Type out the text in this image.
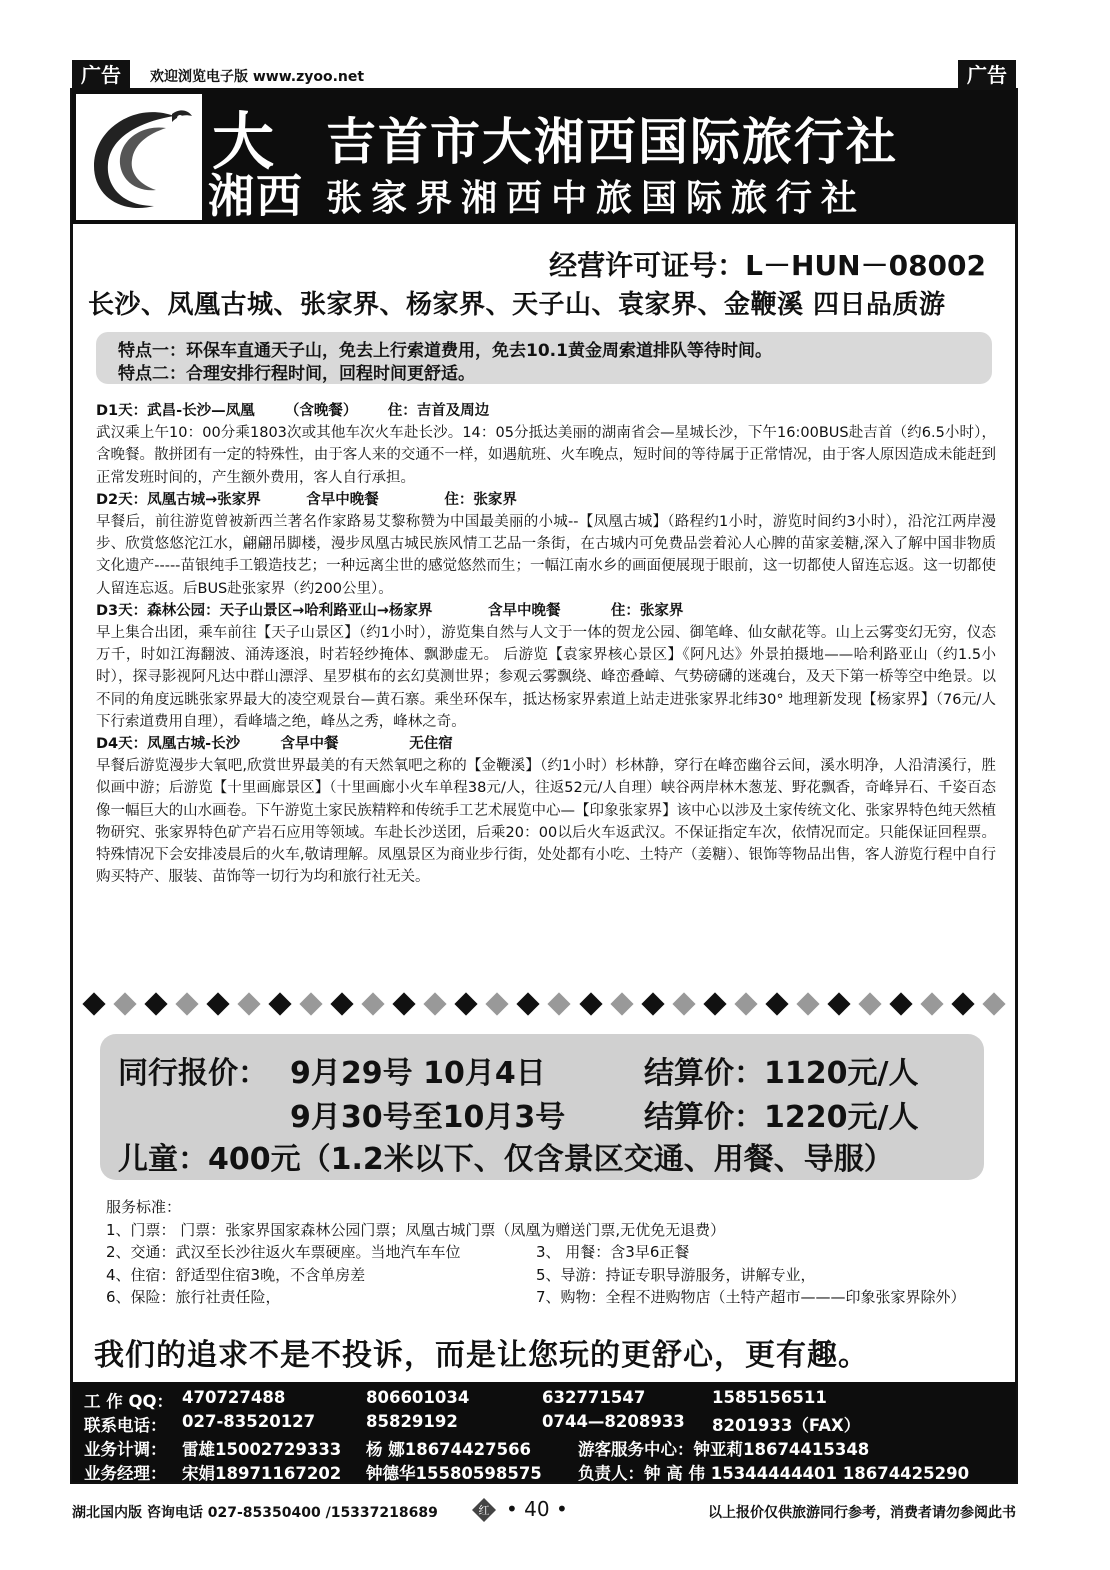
广告	欢迎浏览电子版 www.zyoo.net	广告
大
湘西
吉首市大湘西国际旅行社
张家界湘西中旅国际旅行社
经营许可证号：L－HUN－08002
长沙、凤凰古城、张家界、杨家界、天子山、袁家界、金鞭溪 四日品质游
特点一：环保车直通天子山，免去上行索道费用，免去10.1黄金周索道排队等待时间。
特点二：合理安排行程时间，回程时间更舒适。

D1天：武昌-长沙—凤凰      （含晚餐）      住：吉首及周边

武汉乘上午10：00分乘1803次或其他车次火车赴长沙。14：05分抵达美丽的湖南省会—星城长沙，下午16:00BUS赴吉首（约6.5小时），含晚餐。散拼团有一定的特殊性，由于客人来的交通不一样，如遇航班、火车晚点，短时间的等待属于正常情况，由于客人原因造成未能赶到正常发班时间的，产生额外费用，客人自行承担。

D2天：凤凰古城→张家界         含早中晚餐             住：张家界

早餐后，前往游览曾被新西兰著名作家路易艾黎称赞为中国最美丽的小城--【凤凰古城】（路程约1小时，游览时间约3小时），沿沱江两岸漫步、欣赏悠悠沱江水，翩翩吊脚楼，漫步凤凰古城民族风情工艺品一条街，在古城内可免费品尝着沁人心脾的苗家姜糖,深入了解中国非物质文化遗产-----苗银纯手工锻造技艺；一种远离尘世的感觉悠然而生；一幅江南水乡的画面便展现于眼前，这一切都使人留连忘返。这一切都使人留连忘返。后BUS赴张家界（约200公里）。

D3天：森林公园：天子山景区→哈利路亚山→杨家界           含早中晚餐          住：张家界

早上集合出团，乘车前往【天子山景区】（约1小时），游览集自然与人文于一体的贺龙公园、御笔峰、仙女献花等。山上云雾变幻无穷，仪态万千，时如江海翻波、涌涛逐浪，时若轻纱掩体、飘渺虚无。 后游览【袁家界核心景区】《阿凡达》外景拍摄地——哈利路亚山（约1.5小时），探寻影视阿凡达中群山漂浮、星罗棋布的玄幻莫测世界；参观云雾飘绕、峰峦叠嶂、气势磅礴的迷魂台，及天下第一桥等空中绝景。以不同的角度远眺张家界最大的凌空观景台—黄石寨。乘坐环保车，抵达杨家界索道上站走进张家界北纬30° 地理新发现【杨家界】（76元/人下行索道费用自理），看峰墙之绝，峰丛之秀，峰林之奇。

D4天：凤凰古城-长沙        含早中餐              无住宿

早餐后游览漫步大氧吧,欣赏世界最美的有天然氧吧之称的【金鞭溪】（约1小时）杉林静，穿行在峰峦幽谷云间，溪水明净，人沿清溪行，胜似画中游；后游览【十里画廊景区】（十里画廊小火车单程38元/人，往返52元/人自理）峡谷两岸林木葱茏、野花飘香，奇峰异石、千姿百态像一幅巨大的山水画卷。下午游览土家民族精粹和传统手工艺术展览中心—【印象张家界】该中心以涉及土家传统文化、张家界特色纯天然植物研究、张家界特色矿产岩石应用等领域。车赴长沙送团，后乘20：00以后火车返武汉。不保证指定车次，依情况而定。只能保证回程票。特殊情况下会安排凌晨后的火车,敬请理解。凤凰景区为商业步行街，处处都有小吃、土特产（姜糖）、银饰等物品出售，客人游览行程中自行购买特产、服装、苗饰等一切行为均和旅行社无关。

同行报价： 9月29号 10月4日	结算价：1120元/人
9月30号至10月3号	结算价：1220元/人
儿童：400元（1.2米以下、仅含景区交通、用餐、导服）
服务标准：
1、门票： 门票：张家界国家森林公园门票；凤凰古城门票（凤凰为赠送门票,无优免无退费）
2、交通：武汉至长沙往返火车票硬座。当地汽车车位	3、 用餐：含3早6正餐
4、住宿：舒适型住宿3晚，不含单房差	5、导游：持证专职导游服务，讲解专业，
6、保险：旅行社责任险，	7、购物：全程不进购物店（土特产超市———印象张家界除外）
我们的追求不是不投诉，而是让您玩的更舒心，更有趣。
工 作 QQ： 470727488	806601034	632771547	1585156511
联系电话： 027-83520127	85829192	0744—8208933 8201933（FAX）
业务计调： 雷雄15002729333 杨 娜18674427566	游客服务中心：钟亚莉18674415348
业务经理： 宋娟18971167202 钟德华15580598575 负责人：钟 高 伟 15344444401 18674425290
湖北国内版 咨询电话 027-85350400 /15337218689	红 • 40 •	以上报价仅供旅游同行参考，消费者请勿参阅此书
